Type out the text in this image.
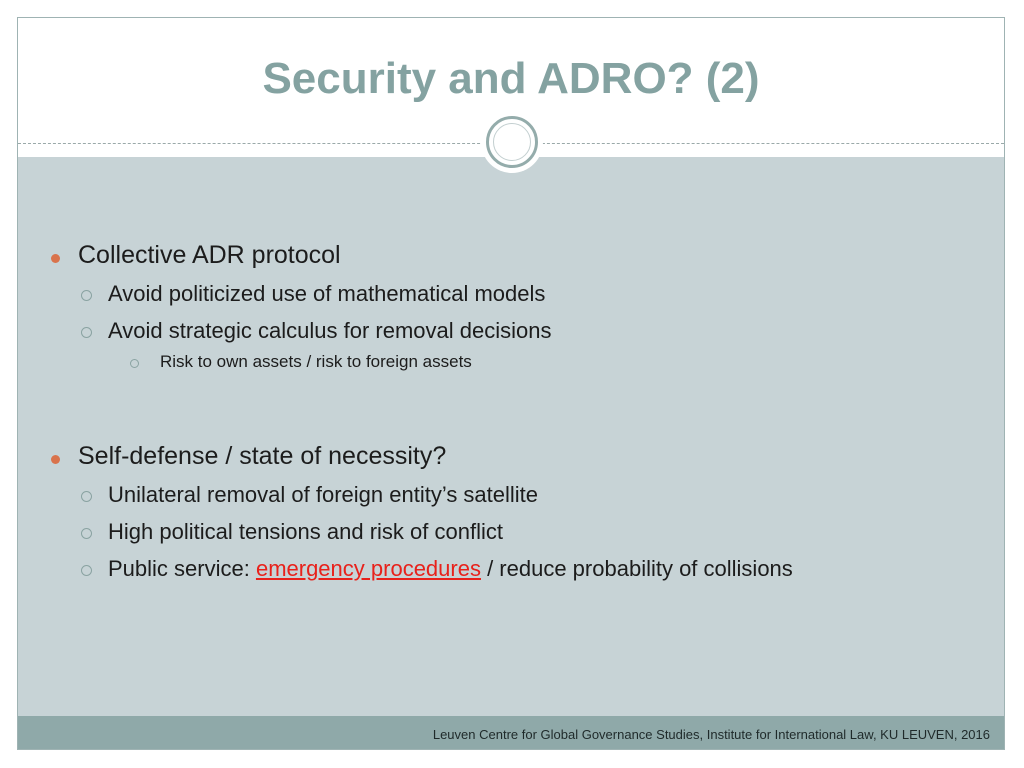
Security and ADRO? (2)
Collective ADR protocol
Avoid politicized use of mathematical models
Avoid strategic calculus for removal decisions
Risk to own assets / risk to foreign assets
Self-defense / state of necessity?
Unilateral removal of foreign entity’s satellite
High political tensions and risk of conflict
Public service: emergency procedures / reduce probability of collisions
Leuven Centre for Global Governance Studies, Institute for International Law, KU LEUVEN, 2016
